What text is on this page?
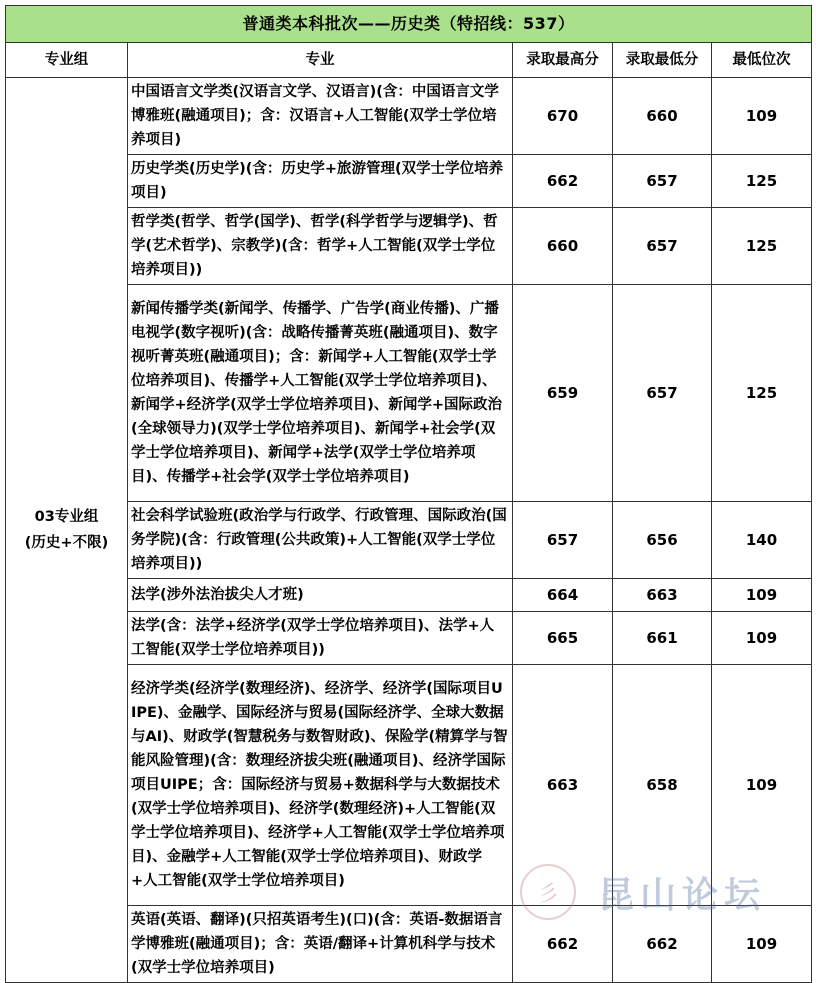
普通类本科批次——历史类（特招线：537）				
专业组	专业	录取最高分	录取最低分	最低位次

03专业组
(历史+不限)	中国语言文学类(汉语言文学、汉语言)(含：中国语言文学博雅班(融通项目)；含：汉语言+人工智能(双学士学位培养项目)	670	660	109
	历史学类(历史学)(含：历史学+旅游管理(双学士学位培养项目)	662	657	125
	哲学类(哲学、哲学(国学)、哲学(科学哲学与逻辑学)、哲学(艺术哲学)、宗教学)(含：哲学+人工智能(双学士学位培养项目))	660	657	125
	新闻传播学类(新闻学、传播学、广告学(商业传播)、广播电视学(数字视听)(含：战略传播菁英班(融通项目)、数字视听菁英班(融通项目)；含：新闻学+人工智能(双学士学位培养项目)、传播学+人工智能(双学士学位培养项目)、新闻学+经济学(双学士学位培养项目)、新闻学+国际政治(全球领导力)(双学士学位培养项目)、新闻学+社会学(双学士学位培养项目)、新闻学+法学(双学士学位培养项目)、传播学+社会学(双学士学位培养项目)	659	657	125
	社会科学试验班(政治学与行政学、行政管理、国际政治(国务学院)(含：行政管理(公共政策)+人工智能(双学士学位培养项目))	657	656	140
	法学(涉外法治拔尖人才班)	664	663	109
	法学(含：法学+经济学(双学士学位培养项目)、法学+人工智能(双学士学位培养项目))	665	661	109
	经济学类(经济学(数理经济)、经济学、经济学(国际项目UIPE)、金融学、国际经济与贸易(国际经济学、全球大数据与AI)、财政学(智慧税务与数智财政)、保险学(精算学与智能风险管理)(含：数理经济拔尖班(融通项目)、经济学国际项目UIPE；含：国际经济与贸易+数据科学与大数据技术(双学士学位培养项目)、经济学(数理经济)+人工智能(双学士学位培养项目)、经济学+人工智能(双学士学位培养项目)、金融学+人工智能(双学士学位培养项目)、财政学+人工智能(双学士学位培养项目)	663	658	109
	英语(英语、翻译)(只招英语考生)(口)(含：英语-数据语言学博雅班(融通项目)；含：英语/翻译+计算机科学与技术(双学士学位培养项目)	662	662	109
彡	昆山论坛
